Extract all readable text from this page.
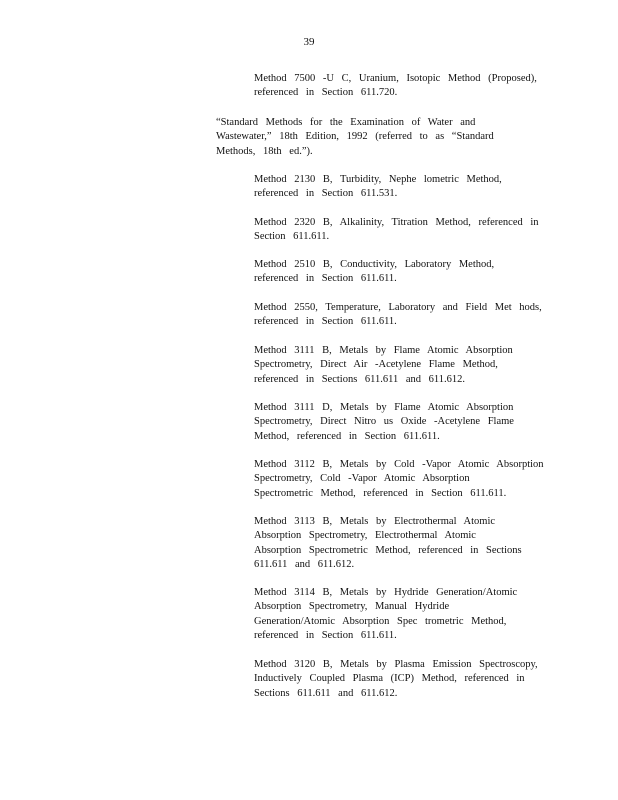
39
Method 7500 -U C, Uranium, Isotopic Method (Proposed),
referenced in Section 611.720.
“Standard Methods for the Examination of Water and
Wastewater,” 18th Edition, 1992 (referred to as “Standard
Methods, 18th ed.”).
Method 2130 B, Turbidity, Nephe lometric Method,
referenced in Section 611.531.
Method 2320 B, Alkalinity, Titration Method, referenced in
Section 611.611.
Method 2510 B, Conductivity, Laboratory Method,
referenced in Section 611.611.
Method 2550, Temperature, Laboratory and Field Met hods,
referenced in Section 611.611.
Method 3111 B, Metals by Flame Atomic Absorption
Spectrometry, Direct Air -Acetylene Flame Method,
referenced in Sections 611.611 and 611.612.
Method 3111 D, Metals by Flame Atomic Absorption
Spectrometry, Direct Nitro us Oxide -Acetylene Flame
Method, referenced in Section 611.611.
Method 3112 B, Metals by Cold -Vapor Atomic Absorption
Spectrometry, Cold -Vapor Atomic Absorption
Spectrometric Method, referenced in Section 611.611.
Method 3113 B, Metals by Electrothermal Atomic
Absorption Spectrometry, Electrothermal Atomic
Absorption Spectrometric Method, referenced in Sections
611.611 and 611.612.
Method 3114 B, Metals by Hydride Generation/Atomic
Absorption Spectrometry, Manual Hydride
Generation/Atomic Absorption Spec trometric Method,
referenced in Section 611.611.
Method 3120 B, Metals by Plasma Emission Spectroscopy,
Inductively Coupled Plasma (ICP) Method, referenced in
Sections 611.611 and 611.612.
